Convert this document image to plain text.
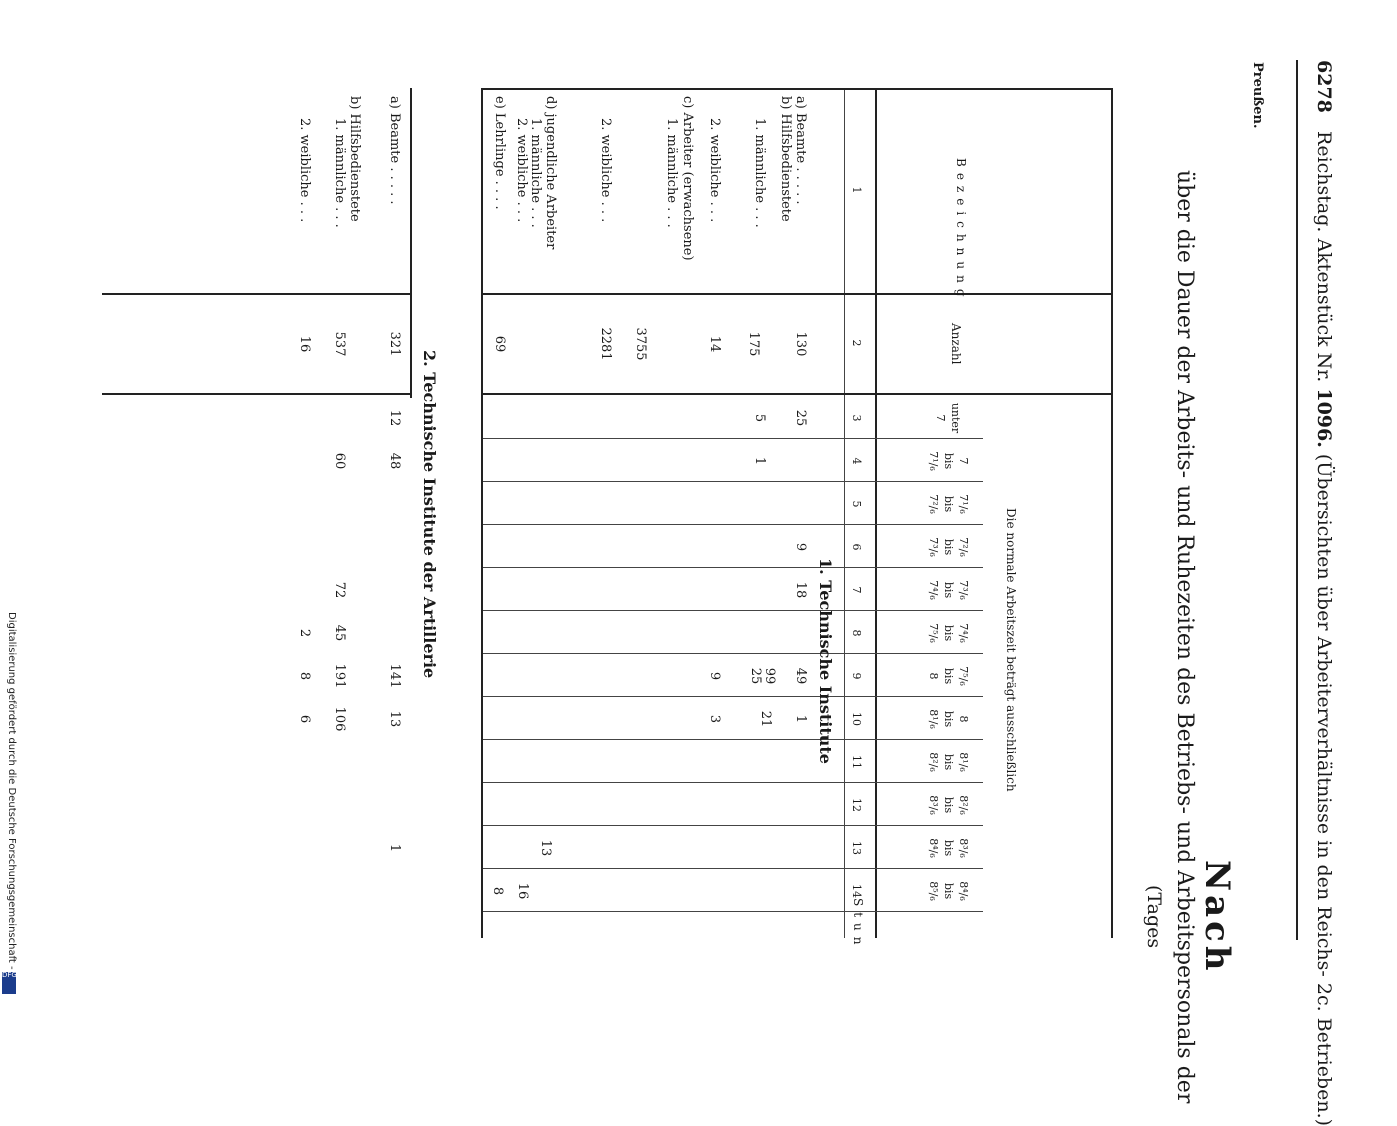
6278   Reichstag. Aktenstück Nr. 1096. (Übersichten über Arbeiterverhältnisse in den Reichs- 2c. Betrieben.)
Preußen.
Nach
über die Dauer der Arbeits- und Ruhezeiten des Betriebs- und Arbeitspersonals der
(Tages
Bezeichnung
Anzahl
Die normale Arbeitszeit beträgt ausschließlich
Stun
unter
7
7
bis
7¹/₆
7¹/₆
bis
7²/₆
7²/₆
bis
7³/₆
7³/₆
bis
7⁴/₆
7⁴/₆
bis
7⁵/₆
7⁵/₆
bis
8
8
bis
8¹/₆
8¹/₆
bis
8²/₆
8²/₆
bis
8³/₆
8³/₆
bis
8⁴/₆
8⁴/₆
bis
8⁵/₆
1
2
3
4
5
6
7
8
9
10
11
12
13
14
1. Technische Institute
a) Beamte . . . . .
b) Hilfsbedienstete
1. männliche . . .
2. weibliche . . .
c) Arbeiter (erwachsene)
1. männliche . . .
2. weibliche . . .
d) jugendliche Arbeiter
1. männliche . . .
2. weibliche . . .
e) Lehrlinge . . . .
130
175
14
3755
2281
69
25
9
18
49
1
5
1
99
25
21
9
3
13
16
8
2. Technische Institute der Artillerie
a) Beamte . . . . .
b) Hilfsbedienstete
1. männliche . . .
2. weibliche . . .
321
537
16
12
48
141
13
1
60
72
45
191
106
2
8
6
Digitalisierung gefördert durch die Deutsche Forschungsgemeinschaft -
DFG
